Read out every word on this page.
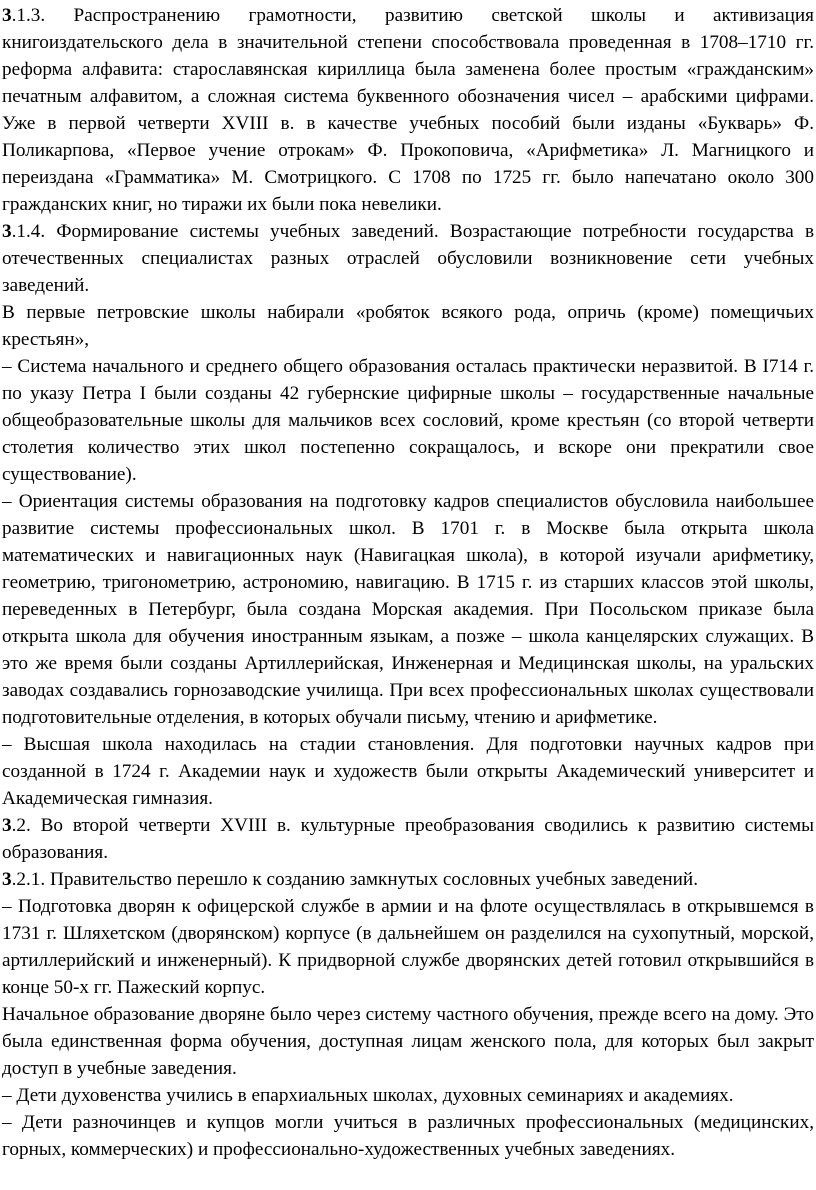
3.1.3. Распространению грамотности, развитию светской школы и активизация книгоиздательского дела в значительной степени способствовала проведенная в 1708–1710 гг. реформа алфавита: старославянская кириллица была заменена более простым «гражданским» печатным алфавитом, а сложная система буквенного обозначения чисел – арабскими цифрами. Уже в первой четверти XVIII в. в качестве учебных пособий были изданы «Букварь» Ф. Поликарпова, «Первое учение отрокам» Ф. Прокоповича, «Арифметика» Л. Магницкого и переиздана «Грамматика» М. Смотрицкого. С 1708 по 1725 гг. было напечатано около 300 гражданских книг, но тиражи их были пока невелики.

3.1.4. Формирование системы учебных заведений. Возрастающие потребности государства в отечественных специалистах разных отраслей обусловили возникновение сети учебных заведений.

В первые петровские школы набирали «робяток всякого рода, опричь (кроме) помещичьих крестьян»,

– Система начального и среднего общего образования осталась практически неразвитой. В I714 г. по указу Петра I были созданы 42 губернские цифирные школы – государственные начальные общеобразовательные школы для мальчиков всех сословий, кроме крестьян (со второй четверти столетия количество этих школ постепенно сокращалось, и вскоре они прекратили свое существование).

– Ориентация системы образования на подготовку кадров специалистов обусловила наибольшее развитие системы профессиональных школ. В 1701 г. в Москве была открыта школа математических и навигационных наук (Навигацкая школа), в которой изучали арифметику, геометрию, тригонометрию, астрономию, навигацию. В 1715 г. из старших классов этой школы, переведенных в Петербург, была создана Морская академия. При Посольском приказе была открыта школа для обучения иностранным языкам, а позже – школа канцелярских служащих. В это же время были созданы Артиллерийская, Инженерная и Медицинская школы, на уральских заводах создавались горнозаводские училища. При всех профессиональных школах существовали подготовительные отделения, в которых обучали письму, чтению и арифметике.

– Высшая школа находилась на стадии становления. Для подготовки научных кадров при созданной в 1724 г. Академии наук и художеств были открыты Академический университет и Академическая гимназия.

3.2. Во второй четверти XVIII в. культурные преобразования сводились к развитию системы образования.

3.2.1. Правительство перешло к созданию замкнутых сословных учебных заведений.

– Подготовка дворян к офицерской службе в армии и на флоте осуществлялась в открывшемся в 1731 г. Шляхетском (дворянском) корпусе (в дальнейшем он разделился на сухопутный, морской, артиллерийский и инженерный). К придворной службе дворянских детей готовил открывшийся в конце 50-х гг. Пажеский корпус.

Начальное образование дворяне было через систему частного обучения, прежде всего на дому. Это была единственная форма обучения, доступная лицам женского пола, для которых был закрыт доступ в учебные заведения.

– Дети духовенства учились в епархиальных школах, духовных семинариях и академиях.

– Дети разночинцев и купцов могли учиться в различных профессиональных (медицинских, горных, коммерческих) и профессионально-художественных учебных заведениях.
